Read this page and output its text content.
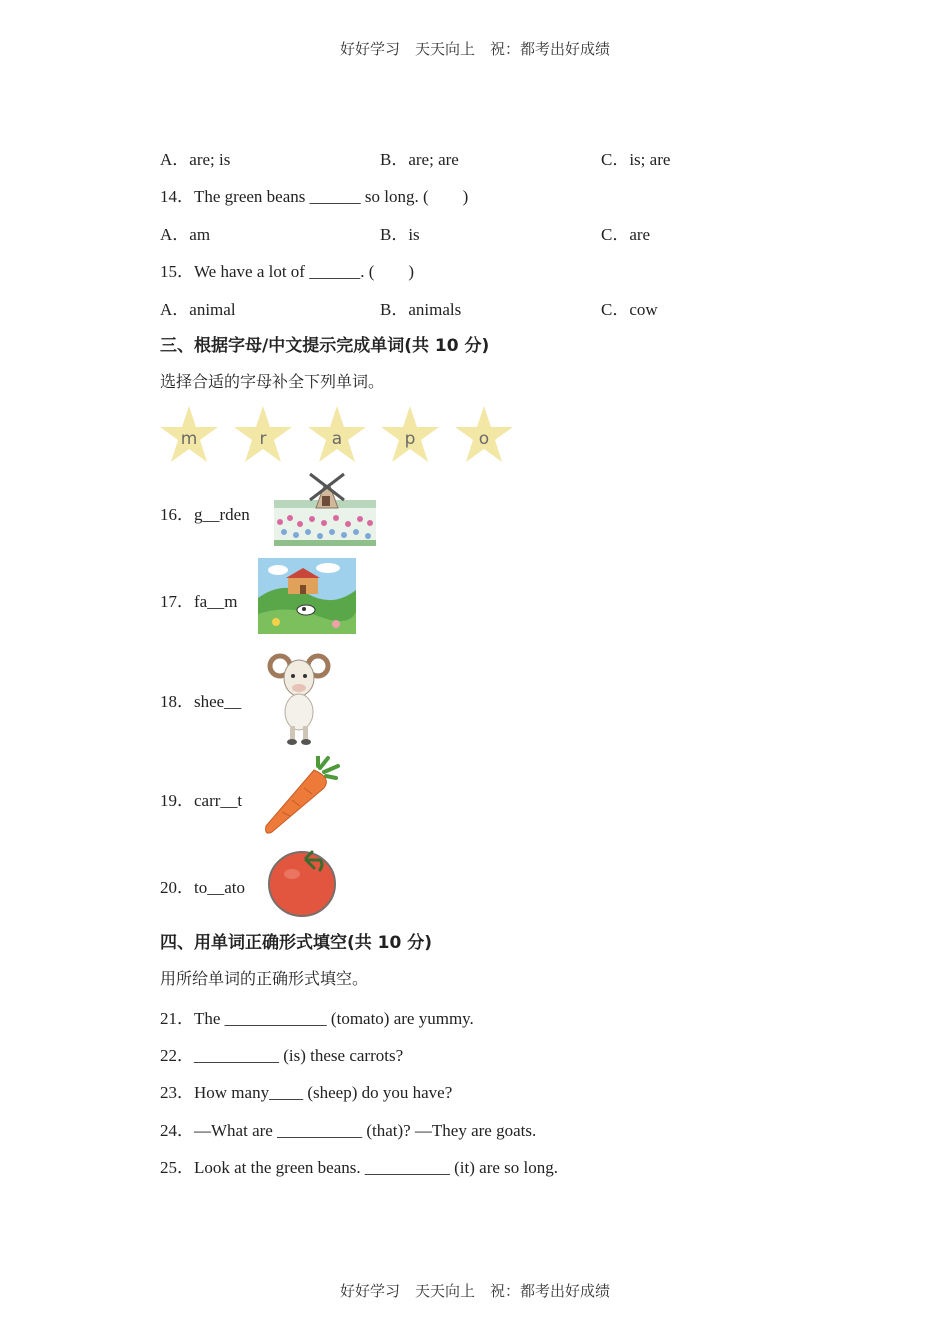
好好学习　天天向上　祝：都考出好成绩
A．are; is	B．are; are	C．is; are
14．The green beans ______ so long. (　　)
A．am	B．is	C．are
15．We have a lot of ______. (　　)
A．animal	B．animals	C．cow
三、根据字母/中文提示完成单词(共 10 分)
选择合适的字母补全下列单词。
m	r	a	p	o
16．g__rden
17．fa__m
18．shee__
19．carr__t
20．to__ato
四、用单词正确形式填空(共 10 分)
用所给单词的正确形式填空。
21．The ____________ (tomato) are yummy.
22．__________ (is) these carrots?
23．How many____ (sheep) do you have?
24．—What are __________ (that)? —They are goats.
25．Look at the green beans. __________ (it) are so long.
好好学习　天天向上　祝：都考出好成绩
